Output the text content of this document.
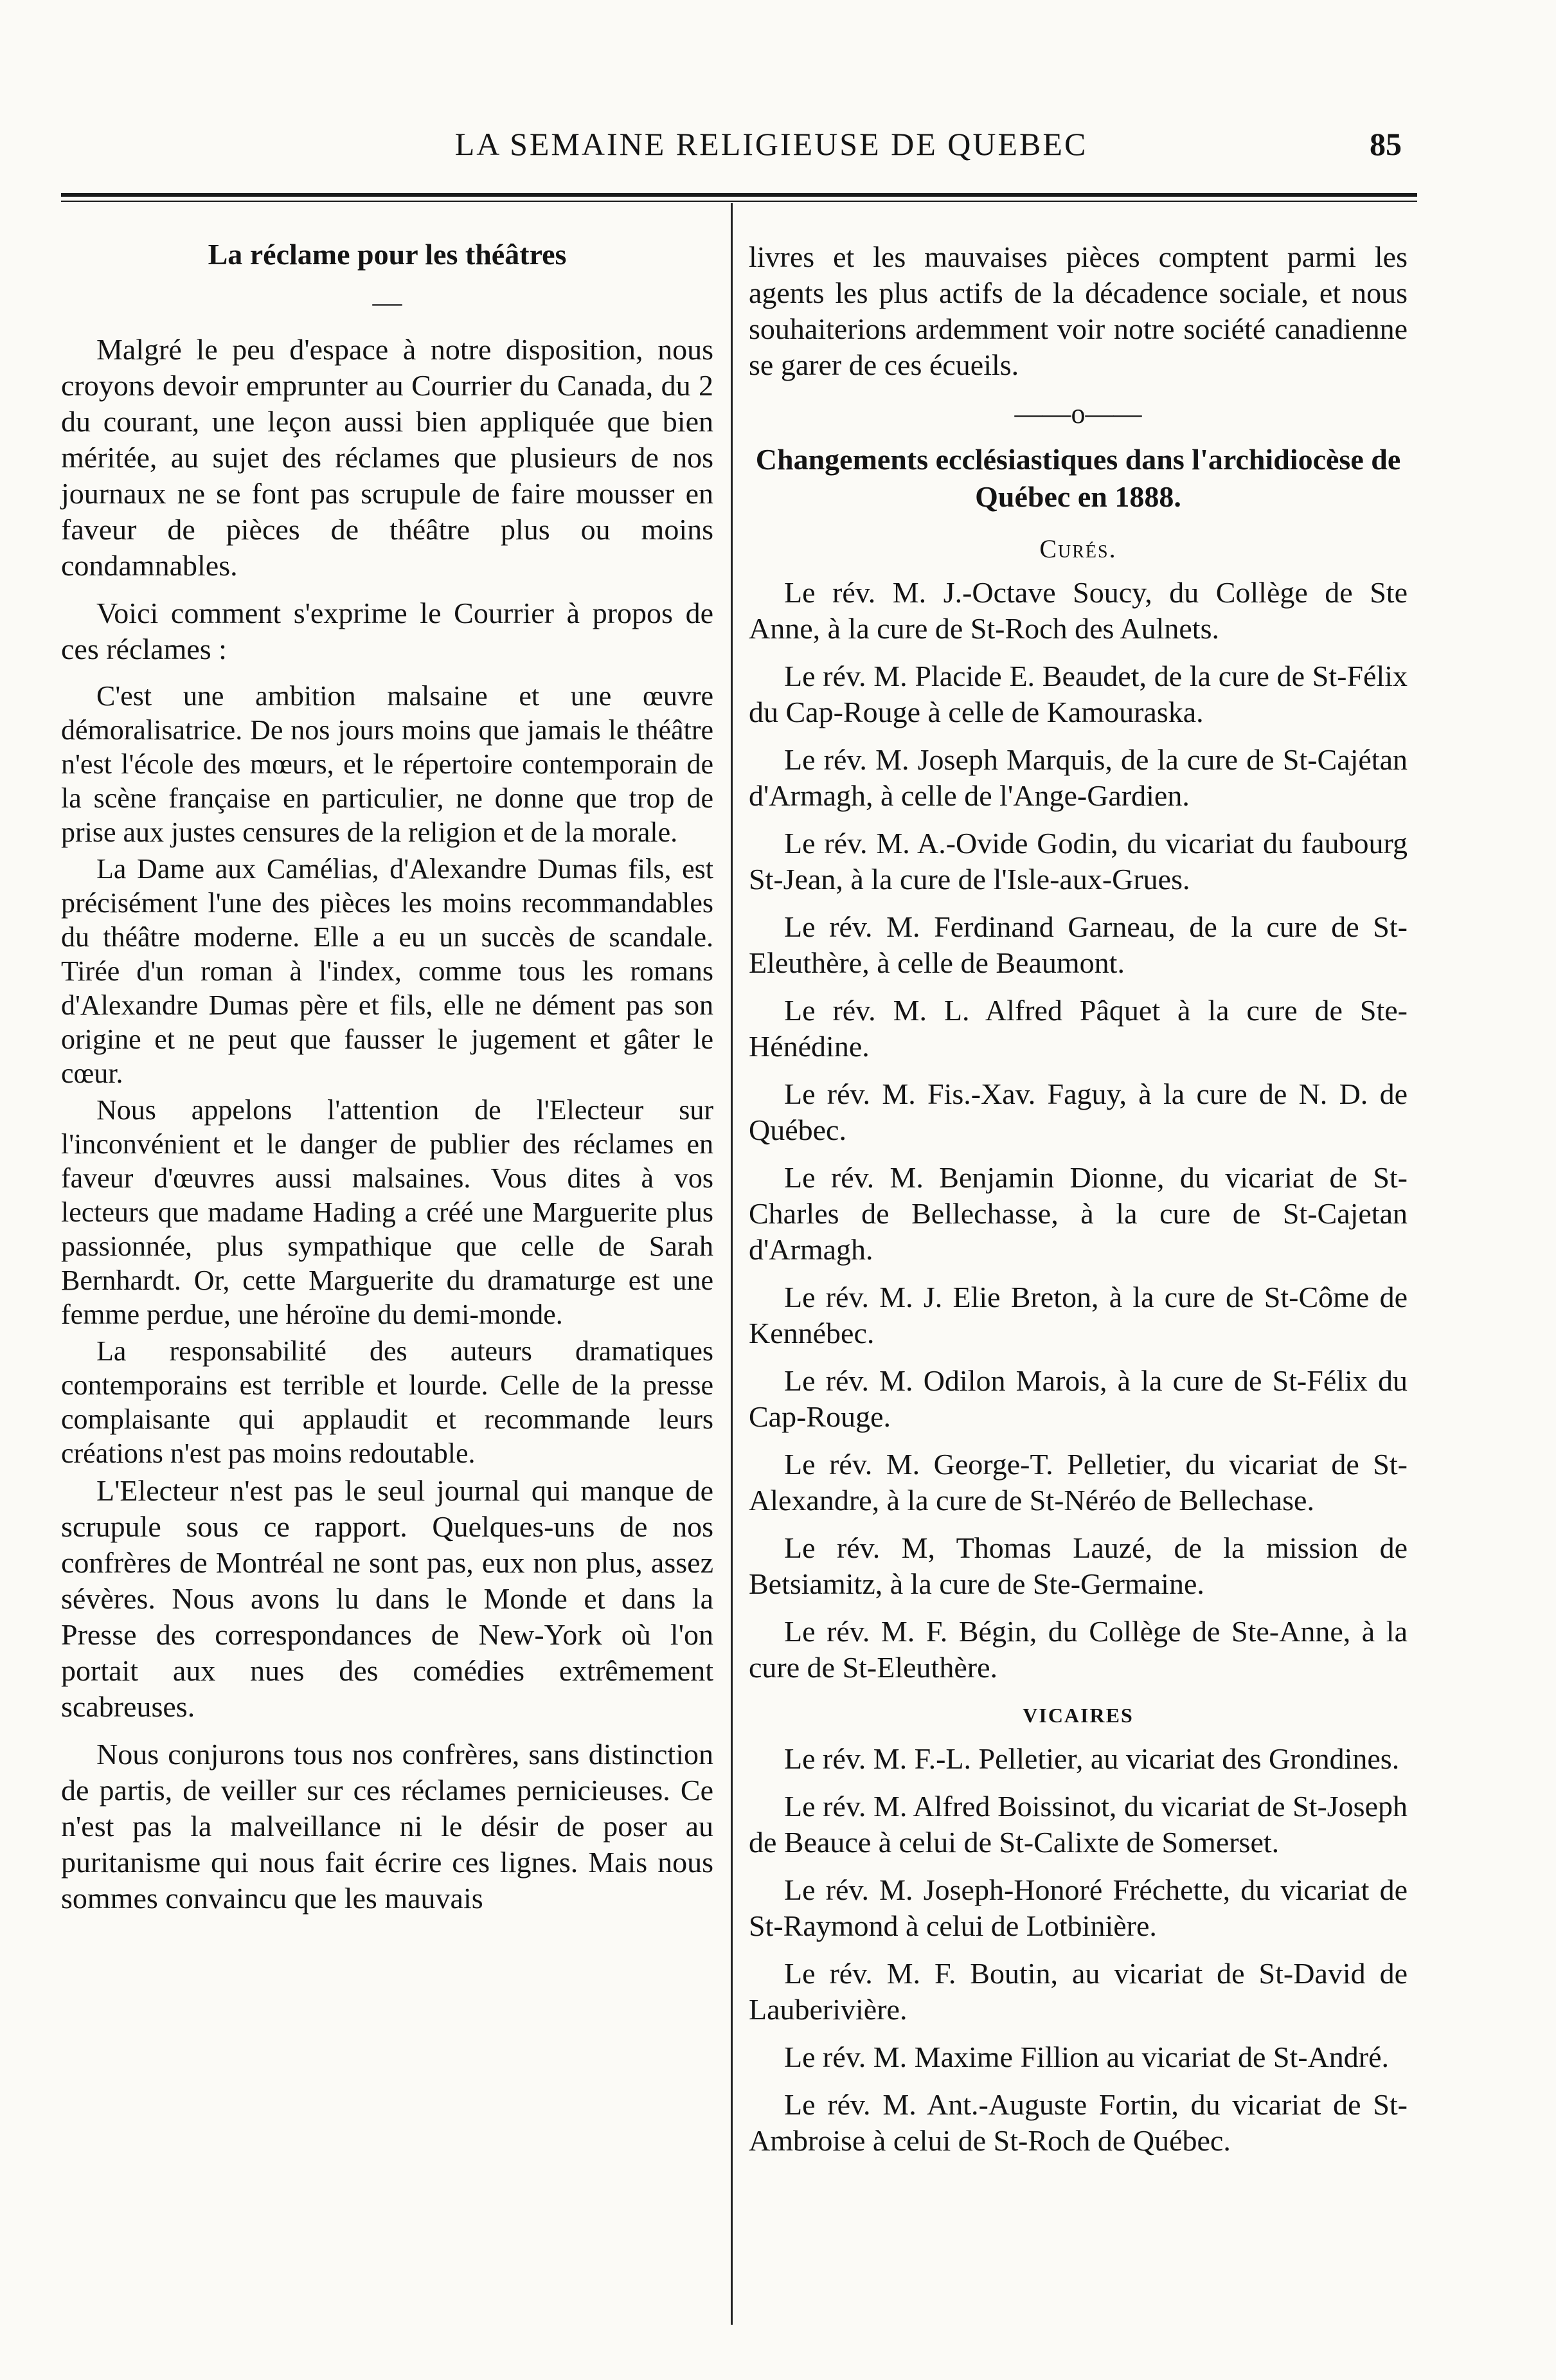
LA SEMAINE RELIGIEUSE DE QUEBEC	85
La réclame pour les théâtres
—

Malgré le peu d'espace à notre disposition, nous croyons devoir emprunter au Courrier du Canada, du 2 du courant, une leçon aussi bien appliquée que bien méritée, au sujet des réclames que plusieurs de nos journaux ne se font pas scrupule de faire mousser en faveur de pièces de théâtre plus ou moins condamnables.

Voici comment s'exprime le Courrier à propos de ces réclames :

C'est une ambition malsaine et une œuvre démoralisatrice. De nos jours moins que jamais le théâtre n'est l'école des mœurs, et le répertoire contemporain de la scène française en particulier, ne donne que trop de prise aux justes censures de la religion et de la morale.

La Dame aux Camélias, d'Alexandre Dumas fils, est précisément l'une des pièces les moins recommandables du théâtre moderne. Elle a eu un succès de scandale. Tirée d'un roman à l'index, comme tous les romans d'Alexandre Dumas père et fils, elle ne dément pas son origine et ne peut que fausser le jugement et gâter le cœur.

Nous appelons l'attention de l'Electeur sur l'inconvénient et le danger de publier des réclames en faveur d'œuvres aussi malsaines. Vous dites à vos lecteurs que madame Hading a créé une Marguerite plus passionnée, plus sympathique que celle de Sarah Bernhardt. Or, cette Marguerite du dramaturge est une femme perdue, une héroïne du demi-monde.

La responsabilité des auteurs dramatiques contemporains est terrible et lourde. Celle de la presse complaisante qui applaudit et recommande leurs créations n'est pas moins redoutable.

L'Electeur n'est pas le seul journal qui manque de scrupule sous ce rapport. Quelques-uns de nos confrères de Montréal ne sont pas, eux non plus, assez sévères. Nous avons lu dans le Monde et dans la Presse des correspondances de New-York où l'on portait aux nues des comédies extrêmement scabreuses.

Nous conjurons tous nos confrères, sans distinction de partis, de veiller sur ces réclames pernicieuses. Ce n'est pas la malveillance ni le désir de poser au puritanisme qui nous fait écrire ces lignes. Mais nous sommes convaincu que les mauvais

livres et les mauvaises pièces comptent parmi les agents les plus actifs de la décadence sociale, et nous souhaiterions ardemment voir notre société canadienne se garer de ces écueils.

——o——
Changements ecclésiastiques dans l'archidiocèse de Québec en 1888.
Curés.

Le rév. M. J.-Octave Soucy, du Collège de Ste Anne, à la cure de St-Roch des Aulnets.

Le rév. M. Placide E. Beaudet, de la cure de St-Félix du Cap-Rouge à celle de Kamouraska.

Le rév. M. Joseph Marquis, de la cure de St-Cajétan d'Armagh, à celle de l'Ange-Gardien.

Le rév. M. A.-Ovide Godin, du vicariat du faubourg St-Jean, à la cure de l'Isle-aux-Grues.

Le rév. M. Ferdinand Garneau, de la cure de St-Eleuthère, à celle de Beaumont.

Le rév. M. L. Alfred Pâquet à la cure de Ste-Hénédine.

Le rév. M. Fis.-Xav. Faguy, à la cure de N. D. de Québec.

Le rév. M. Benjamin Dionne, du vicariat de St-Charles de Bellechasse, à la cure de St-Cajetan d'Armagh.

Le rév. M. J. Elie Breton, à la cure de St-Côme de Kennébec.

Le rév. M. Odilon Marois, à la cure de St-Félix du Cap-Rouge.

Le rév. M. George-T. Pelletier, du vicariat de St-Alexandre, à la cure de St-Néréo de Bellechase.

Le rév. M, Thomas Lauzé, de la mission de Betsiamitz, à la cure de Ste-Germaine.

Le rév. M. F. Bégin, du Collège de Ste-Anne, à la cure de St-Eleuthère.

VICAIRES

Le rév. M. F.-L. Pelletier, au vicariat des Grondines.

Le rév. M. Alfred Boissinot, du vicariat de St-Joseph de Beauce à celui de St-Calixte de Somerset.

Le rév. M. Joseph-Honoré Fréchette, du vicariat de St-Raymond à celui de Lotbinière.

Le rév. M. F. Boutin, au vicariat de St-David de Lauberivière.

Le rév. M. Maxime Fillion au vicariat de St-André.

Le rév. M. Ant.-Auguste Fortin, du vicariat de St-Ambroise à celui de St-Roch de Québec.
